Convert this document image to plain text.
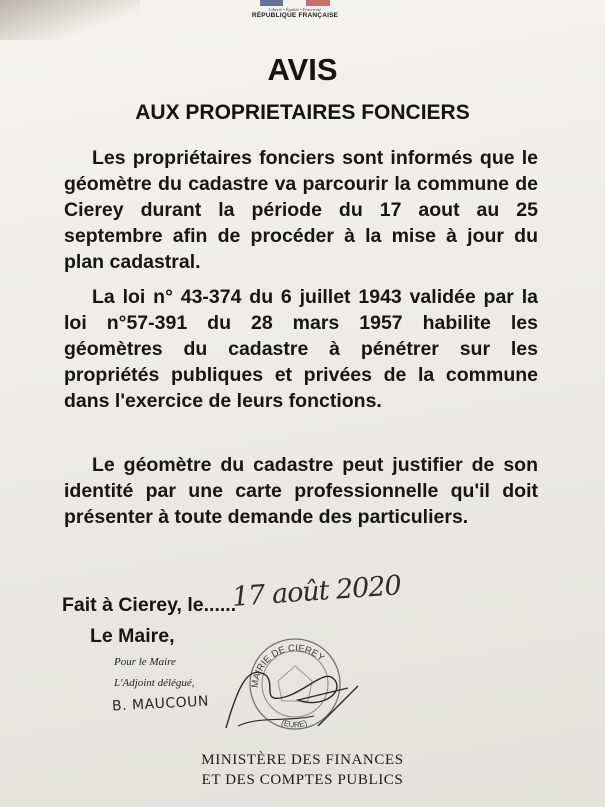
Liberté • Égalité • Fraternité
RÉPUBLIQUE FRANÇAISE
AVIS
AUX PROPRIETAIRES FONCIERS
Les propriétaires fonciers sont informés que le géomètre du cadastre va parcourir la commune de Cierey durant la période du 17 aout au 25 septembre afin de procéder à la mise à jour du plan cadastral.
La loi n° 43-374 du 6 juillet 1943 validée par la loi n°57-391 du 28 mars 1957 habilite les géomètres du cadastre à pénétrer sur les propriétés publiques et privées de la commune dans l'exercice de leurs fonctions.
Le géomètre du cadastre peut justifier de son identité par une carte professionnelle qu'il doit présenter à toute demande des particuliers.
Fait à Cierey, le......
17 août 2020
Le Maire,
Pour le Maire
L'Adjoint délégué,
B. MAUCOUN
MAIRIE DE CIEREY
(EURE)
MINISTÈRE DES FINANCES
ET DES COMPTES PUBLICS
